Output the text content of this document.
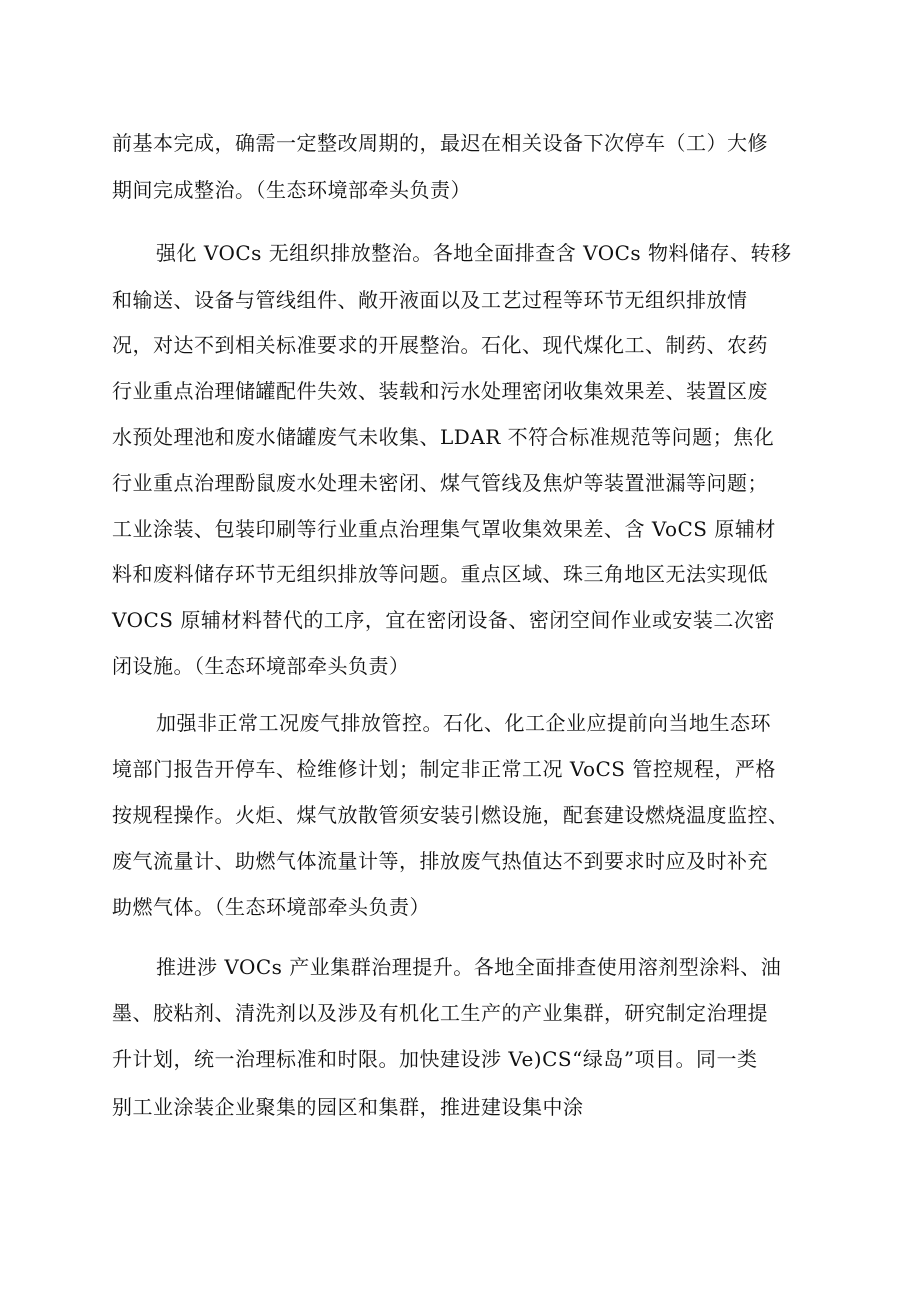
前基本完成，确需一定整改周期的，最迟在相关设备下次停车（工）大修
期间完成整治。（生态环境部牵头负责）
强化 VOCs 无组织排放整治。各地全面排查含 VOCs 物料储存、转移
和输送、设备与管线组件、敞开液面以及工艺过程等环节无组织排放情
况，对达不到相关标准要求的开展整治。石化、现代煤化工、制药、农药
行业重点治理储罐配件失效、装载和污水处理密闭收集效果差、装置区废
水预处理池和废水储罐废气未收集、LDAR 不符合标准规范等问题；焦化
行业重点治理酚鼠废水处理未密闭、煤气管线及焦炉等装置泄漏等问题；
工业涂装、包装印刷等行业重点治理集气罩收集效果差、含 VoCS 原辅材
料和废料储存环节无组织排放等问题。重点区域、珠三角地区无法实现低
VOCS 原辅材料替代的工序，宜在密闭设备、密闭空间作业或安装二次密
闭设施。（生态环境部牵头负责）
加强非正常工况废气排放管控。石化、化工企业应提前向当地生态环
境部门报告开停车、检维修计划；制定非正常工况 VoCS 管控规程，严格
按规程操作。火炬、煤气放散管须安装引燃设施，配套建设燃烧温度监控、
废气流量计、助燃气体流量计等，排放废气热值达不到要求时应及时补充
助燃气体。（生态环境部牵头负责）
推进涉 VOCs 产业集群治理提升。各地全面排查使用溶剂型涂料、油
墨、胶粘剂、清洗剂以及涉及有机化工生产的产业集群，研究制定治理提
升计划，统一治理标准和时限。加快建设涉 Ve)CS“绿岛”项目。同一类
别工业涂装企业聚集的园区和集群，推进建设集中涂
